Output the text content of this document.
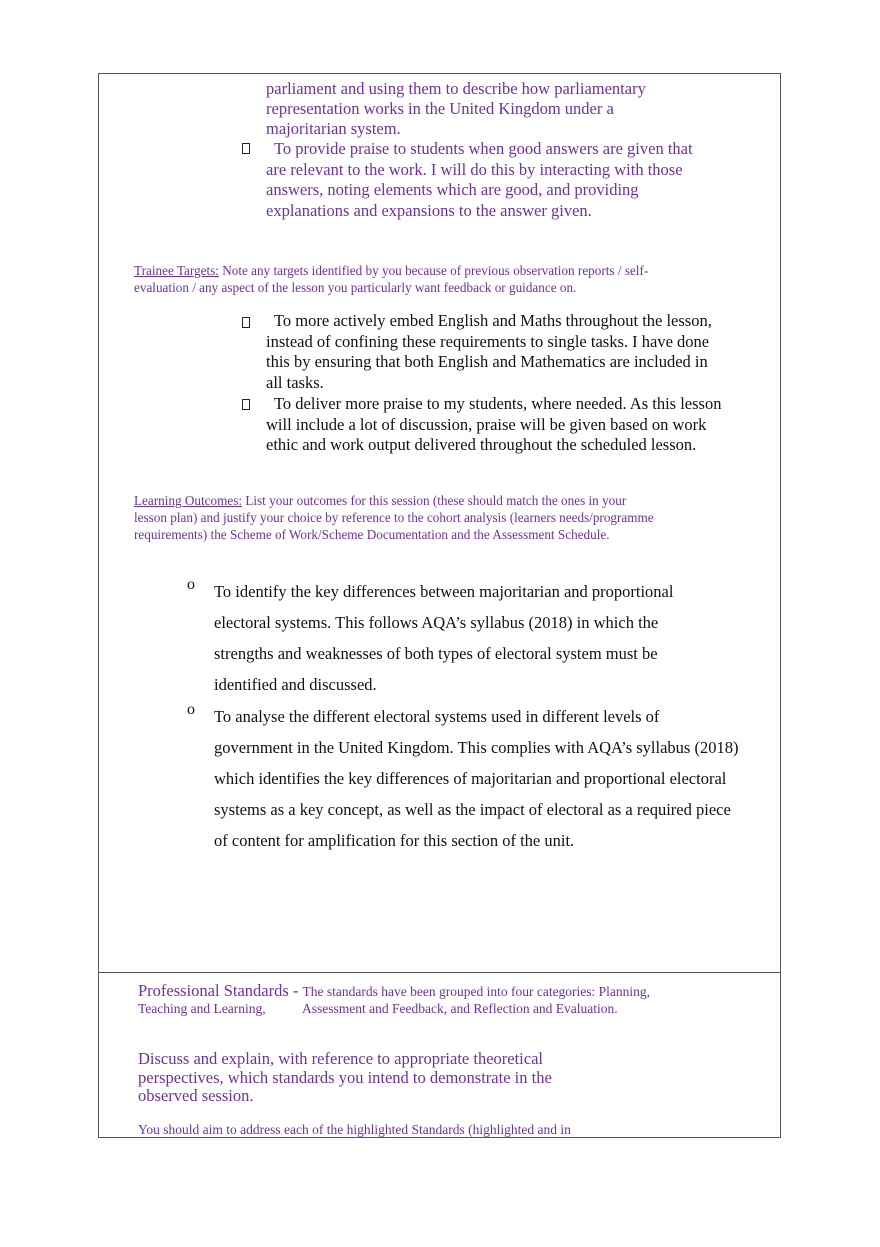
parliament and using them to describe how parliamentary representation works in the United Kingdom under a majoritarian system.

To provide praise to students when good answers are given that are relevant to the work. I will do this by interacting with those answers, noting elements which are good, and providing explanations and expansions to the answer given.

Trainee Targets: Note any targets identified by you because of previous observation reports / self-evaluation / any aspect of the lesson you particularly want feedback or guidance on.

To more actively embed English and Maths throughout the lesson, instead of confining these requirements to single tasks. I have done this by ensuring that both English and Mathematics are included in all tasks.

To deliver more praise to my students, where needed. As this lesson will include a lot of discussion, praise will be given based on work ethic and work output delivered throughout the scheduled lesson.

Learning Outcomes: List your outcomes for this session (these should match the ones in your lesson plan) and justify your choice by reference to the cohort analysis (learners needs/programme requirements) the Scheme of Work/Scheme Documentation and the Assessment Schedule.

o To identify the key differences between majoritarian and proportional electoral systems. This follows AQA’s syllabus (2018) in which the strengths and weaknesses of both types of electoral system must be identified and discussed.

o To analyse the different electoral systems used in different levels of government in the United Kingdom. This complies with AQA’s syllabus (2018) which identifies the key differences of majoritarian and proportional electoral systems as a key concept, as well as the impact of electoral as a required piece of content for amplification for this section of the unit.

Professional Standards - The standards have been grouped into four categories: Planning, Teaching and Learning,           Assessment and Feedback, and Reflection and Evaluation.

Discuss and explain, with reference to appropriate theoretical perspectives, which standards you intend to demonstrate in the observed session.

You should aim to address each of the highlighted Standards (highlighted and in
